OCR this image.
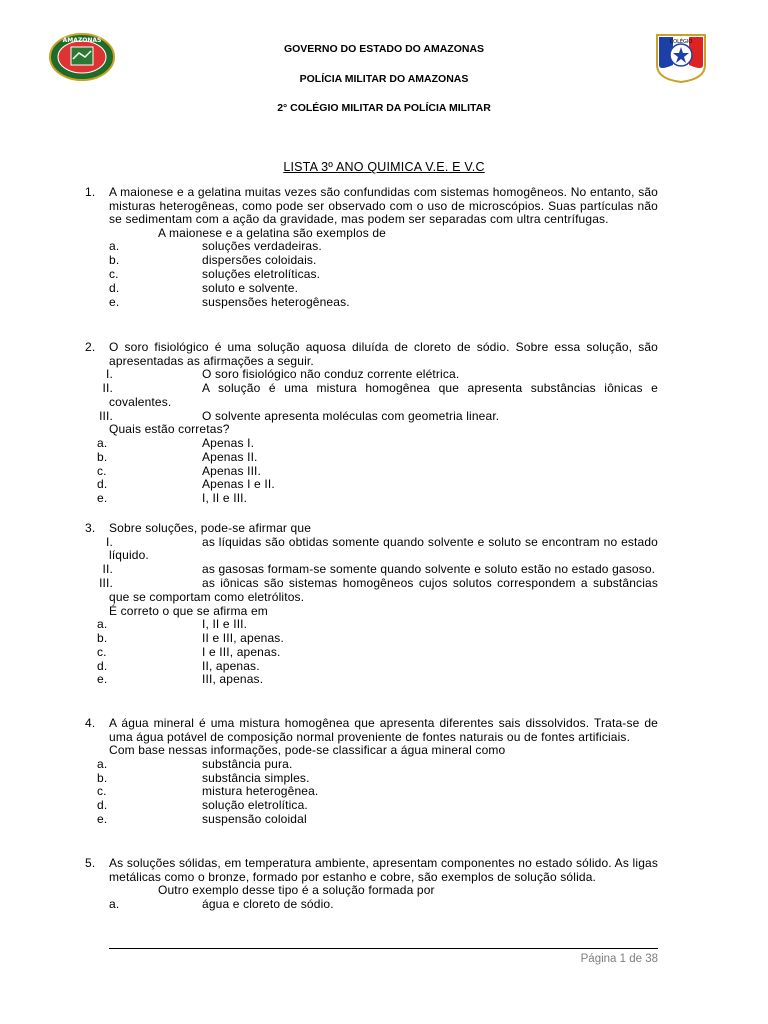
AMAZONAS	COLÉGIO
GOVERNO DO ESTADO DO AMAZONAS
POLÍCIA MILITAR DO AMAZONAS
2° COLÉGIO MILITAR DA POLÍCIA MILITAR
LISTA 3º ANO QUIMICA V.E. E V.C
1. A maionese e a gelatina muitas vezes são confundidas com sistemas homogêneos. No entanto, são misturas heterogêneas, como pode ser observado com o uso de microscópios. Suas partículas não se sedimentam com a ação da gravidade, mas podem ser separadas com ultra centrífugas.

A maionese e a gelatina são exemplos de

a.	soluções verdadeiras.
b.	dispersões coloidais.
c.	soluções eletrolíticas.
d.	soluto e solvente.
e.	suspensões heterogêneas.
2. O soro fisiológico é uma solução aquosa diluída de cloreto de sódio. Sobre essa solução, são apresentadas as afirmações a seguir.

I.	O soro fisiológico não conduz corrente elétrica.
II.	A solução é uma mistura homogênea que apresenta substâncias iônicas e covalentes.
III.	O solvente apresenta moléculas com geometria linear.

Quais estão corretas?

a.	Apenas I.
b.	Apenas II.
c.	Apenas III.
d.	Apenas I e II.
e.	I, II e III.
3. Sobre soluções, pode-se afirmar que

I.	as líquidas são obtidas somente quando solvente e soluto se encontram no estado líquido.
II.	as gasosas formam-se somente quando solvente e soluto estão no estado gasoso.
III.	as iônicas são sistemas homogêneos cujos solutos correspondem a substâncias que se comportam como eletrólitos.

É correto o que se afirma em

a.	I, II e III.
b.	II e III, apenas.
c.	I e III, apenas.
d.	II, apenas.
e.	III, apenas.
4. A água mineral é uma mistura homogênea que apresenta diferentes sais dissolvidos. Trata-se de uma água potável de composição normal proveniente de fontes naturais ou de fontes artificiais.

Com base nessas informações, pode-se classificar a água mineral como

a.	substância pura.
b.	substância simples.
c.	mistura heterogênea.
d.	solução eletrolítica.
e.	suspensão coloidal
5. As soluções sólidas, em temperatura ambiente, apresentam componentes no estado sólido. As ligas metálicas como o bronze, formado por estanho e cobre, são exemplos de solução sólida.

Outro exemplo desse tipo é a solução formada por

a.	água e cloreto de sódio.
Página 1 de 38
